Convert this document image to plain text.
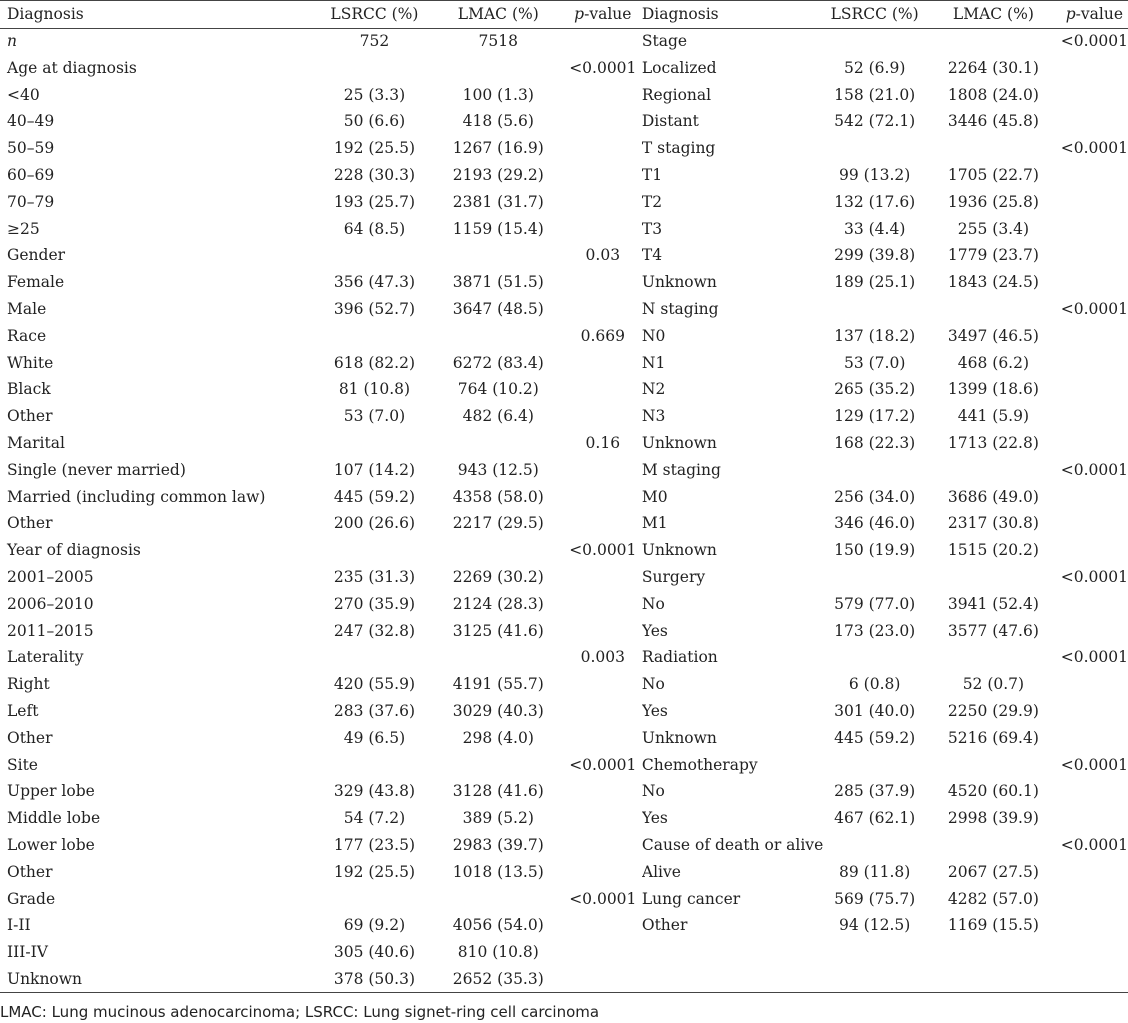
Diagnosis	LSRCC (%)	LMAC (%)	p-value	Diagnosis	LSRCC (%)	LMAC (%)	p-value
n	752	7518		Stage			<0.0001
Age at diagnosis			<0.0001	Localized	52 (6.9)	2264 (30.1)	
<40	25 (3.3)	100 (1.3)		Regional	158 (21.0)	1808 (24.0)	
40–49	50 (6.6)	418 (5.6)		Distant	542 (72.1)	3446 (45.8)	
50–59	192 (25.5)	1267 (16.9)		T staging			<0.0001
60–69	228 (30.3)	2193 (29.2)		T1	99 (13.2)	1705 (22.7)	
70–79	193 (25.7)	2381 (31.7)		T2	132 (17.6)	1936 (25.8)	
≥25	64 (8.5)	1159 (15.4)		T3	33 (4.4)	255 (3.4)	
Gender			0.03	T4	299 (39.8)	1779 (23.7)	
Female	356 (47.3)	3871 (51.5)		Unknown	189 (25.1)	1843 (24.5)	
Male	396 (52.7)	3647 (48.5)		N staging			<0.0001
Race			0.669	N0	137 (18.2)	3497 (46.5)	
White	618 (82.2)	6272 (83.4)		N1	53 (7.0)	468 (6.2)	
Black	81 (10.8)	764 (10.2)		N2	265 (35.2)	1399 (18.6)	
Other	53 (7.0)	482 (6.4)		N3	129 (17.2)	441 (5.9)	
Marital			0.16	Unknown	168 (22.3)	1713 (22.8)	
Single (never married)	107 (14.2)	943 (12.5)		M staging			<0.0001
Married (including common law)	445 (59.2)	4358 (58.0)		M0	256 (34.0)	3686 (49.0)	
Other	200 (26.6)	2217 (29.5)		M1	346 (46.0)	2317 (30.8)	
Year of diagnosis			<0.0001	Unknown	150 (19.9)	1515 (20.2)	
2001–2005	235 (31.3)	2269 (30.2)		Surgery			<0.0001
2006–2010	270 (35.9)	2124 (28.3)		No	579 (77.0)	3941 (52.4)	
2011–2015	247 (32.8)	3125 (41.6)		Yes	173 (23.0)	3577 (47.6)	
Laterality			0.003	Radiation			<0.0001
Right	420 (55.9)	4191 (55.7)		No	6 (0.8)	52 (0.7)	
Left	283 (37.6)	3029 (40.3)		Yes	301 (40.0)	2250 (29.9)	
Other	49 (6.5)	298 (4.0)		Unknown	445 (59.2)	5216 (69.4)	
Site			<0.0001	Chemotherapy			<0.0001
Upper lobe	329 (43.8)	3128 (41.6)		No	285 (37.9)	4520 (60.1)	
Middle lobe	54 (7.2)	389 (5.2)		Yes	467 (62.1)	2998 (39.9)	
Lower lobe	177 (23.5)	2983 (39.7)		Cause of death or alive			<0.0001
Other	192 (25.5)	1018 (13.5)		Alive	89 (11.8)	2067 (27.5)	
Grade			<0.0001	Lung cancer	569 (75.7)	4282 (57.0)	
I-II	69 (9.2)	4056 (54.0)		Other	94 (12.5)	1169 (15.5)	
III-IV	305 (40.6)	810 (10.8)					
Unknown	378 (50.3)	2652 (35.3)					
LMAC: Lung mucinous adenocarcinoma; LSRCC: Lung signet-ring cell carcinoma
